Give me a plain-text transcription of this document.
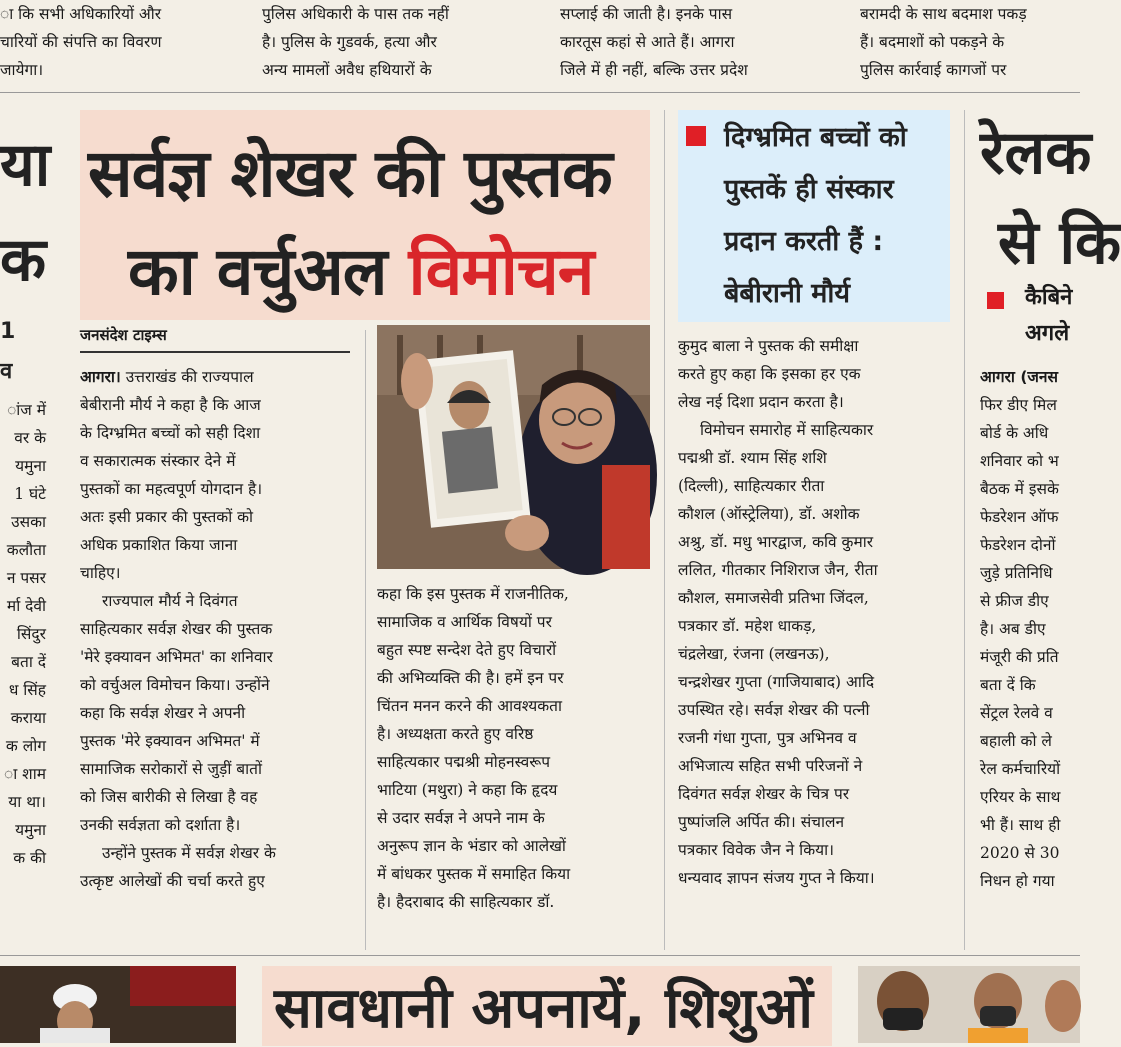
ा कि सभी अधिकारियों और
चारियों की संपत्ति का विवरण
जायेगा।
पुलिस अधिकारी के पास तक नहीं
है। पुलिस के गुडवर्क, हत्या और
अन्य मामलों अवैध हथियारों के
सप्लाई की जाती है। इनके पास
कारतूस कहां से आते हैं। आगरा
जिले में ही नहीं, बल्कि उत्तर प्रदेश
बरामदी के साथ बदमाश पकड़
हैं। बदमाशों को पकड़ने के
पुलिस कार्रवाई कागजों पर
या
क
1
व

ांज में

वर के

यमुना

1 घंटे

उसका

कलौता

न पसर

र्मा देवी

सिंदुर

बता दें

ध सिंह

कराया

क लोग

ा शाम

या था।

यमुना

क की

सर्वज्ञ शेखर की पुस्तक
का वर्चुअल विमोचन
दिग्भ्रमित बच्चों को
पुस्तकें ही संस्कार
प्रदान करती हैं :
बेबीरानी मौर्य
जनसंदेश टाइम्स

आगरा। उत्तराखंड की राज्यपाल

बेबीरानी मौर्य ने कहा है कि आज

के दिग्भ्रमित बच्चों को सही दिशा

व सकारात्मक संस्कार देने में

पुस्तकों का महत्वपूर्ण योगदान है।

अतः इसी प्रकार की पुस्तकों को

अधिक प्रकाशित किया जाना

चाहिए।

राज्यपाल मौर्य ने दिवंगत

साहित्यकार सर्वज्ञ शेखर की पुस्तक

'मेरे इक्यावन अभिमत' का शनिवार

को वर्चुअल विमोचन किया। उन्होंने

कहा कि सर्वज्ञ शेखर ने अपनी

पुस्तक 'मेरे इक्यावन अभिमत' में

सामाजिक सरोकारों से जुड़ीं बातों

को जिस बारीकी से लिखा है वह

उनकी सर्वज्ञता को दर्शाता है।

उन्होंने पुस्तक में सर्वज्ञ शेखर के

उत्कृष्ट आलेखों की चर्चा करते हुए

कहा कि इस पुस्तक में राजनीतिक,

सामाजिक व आर्थिक विषयों पर

बहुत स्पष्ट सन्देश देते हुए विचारों

की अभिव्यक्ति की है। हमें इन पर

चिंतन मनन करने की आवश्यकता

है। अध्यक्षता करते हुए वरिष्ठ

साहित्यकार पद्मश्री मोहनस्वरूप

भाटिया (मथुरा) ने कहा कि हृदय

से उदार सर्वज्ञ ने अपने नाम के

अनुरूप ज्ञान के भंडार को आलेखों

में बांधकर पुस्तक में समाहित किया

है। हैदराबाद की साहित्यकार डॉ.

कुमुद बाला ने पुस्तक की समीक्षा

करते हुए कहा कि इसका हर एक

लेख नई दिशा प्रदान करता है।

विमोचन समारोह में साहित्यकार

पद्मश्री डॉ. श्याम सिंह शशि

(दिल्ली), साहित्यकार रीता

कौशल (ऑस्ट्रेलिया), डॉ. अशोक

अश्रु, डॉ. मधु भारद्वाज, कवि कुमार

ललित, गीतकार निशिराज जैन, रीता

कौशल, समाजसेवी प्रतिभा जिंदल,

पत्रकार डॉ. महेश धाकड़,

चंद्रलेखा, रंजना (लखनऊ),

चन्द्रशेखर गुप्ता (गाजियाबाद) आदि

उपस्थित रहे। सर्वज्ञ शेखर की पत्नी

रजनी गंधा गुप्ता, पुत्र अभिनव व

अभिजात्य सहित सभी परिजनों ने

दिवंगत सर्वज्ञ शेखर के चित्र पर

पुष्पांजलि अर्पित की। संचालन

पत्रकार विवेक जैन ने किया।

धन्यवाद ज्ञापन संजय गुप्त ने किया।

रेलक
से कि
कैबिने
अगले
आगरा (जनस

फिर डीए मिल

बोर्ड के अधि

शनिवार को भ

बैठक में इसके

फेडरेशन ऑफ

फेडरेशन दोनों

जुड़े प्रतिनिधि

से फ्रीज डीए

है। अब डीए

मंजूरी की प्रति

बता दें कि

सेंट्रल रेलवे व

बहाली को ले

रेल कर्मचारियों

एरियर के साथ

भी हैं। साथ ही

2020 से 30

निधन हो गया

सावधानी अपनायें, शिशुओं
